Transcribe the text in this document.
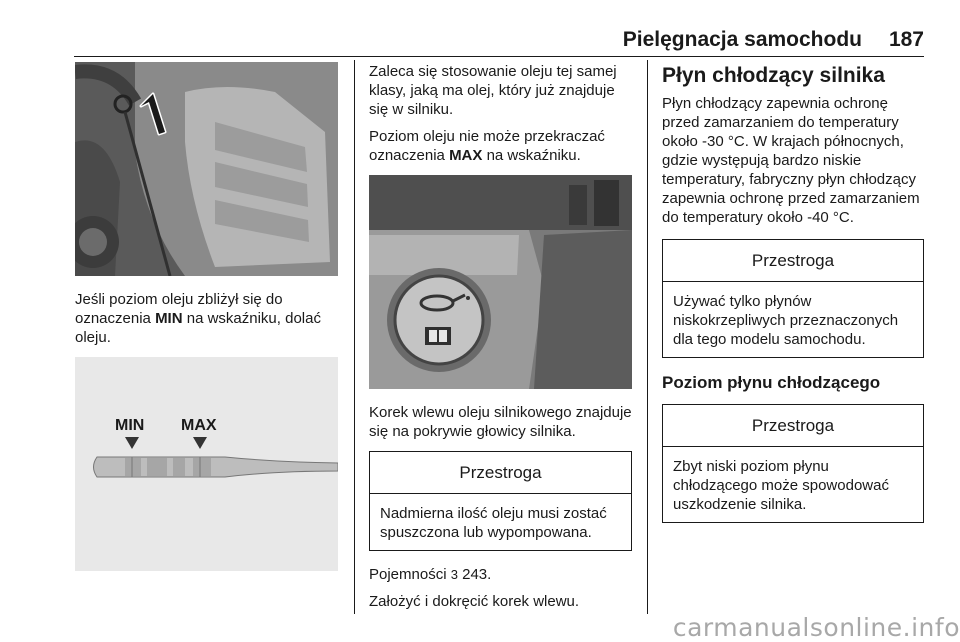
Pielęgnacja samochodu 187

Jeśli poziom oleju zbliżył się do oznaczenia MIN na wskaźniku, dolać oleju.

MIN MAX

Zaleca się stosowanie oleju tej samej klasy, jaką ma olej, który już znajduje się w silniku.

Poziom oleju nie może przekraczać oznaczenia MAX na wskaźniku.

Korek wlewu oleju silnikowego znajduje się na pokrywie głowicy silnika.

Przestroga
Nadmierna ilość oleju musi zostać spuszczona lub wypompowana.

Pojemności 3 243.

Założyć i dokręcić korek wlewu.

Płyn chłodzący silnika

Płyn chłodzący zapewnia ochronę przed zamarzaniem do temperatury około -30 °C. W krajach północnych, gdzie występują bardzo niskie temperatury, fabryczny płyn chłodzący zapewnia ochronę przed zamarzaniem do temperatury około -40 °C.

Przestroga
Używać tylko płynów niskokrzepliwych przeznaczonych dla tego modelu samochodu.
Poziom płynu chłodzącego
Przestroga
Zbyt niski poziom płynu chłodzącego może spowodować uszkodzenie silnika.
carmanualsonline.info
